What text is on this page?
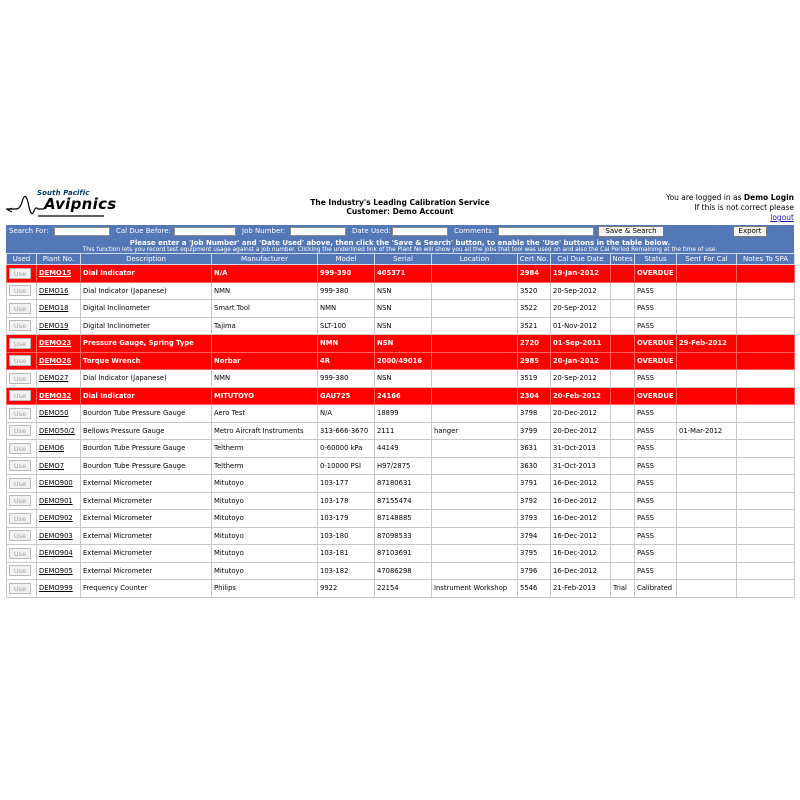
South Pacific
Avipnics	The Industry's Leading Calibration Service
Customer: Demo Account
You are logged in as Demo Login
If this is not correct please
logout
Search For:	Cal Due Before:	Job Number:	Date Used:	Comments:	Save & Search	Export
Please enter a 'Job Number' and 'Date Used' above, then click the 'Save & Search' button, to enable the 'Use' buttons in the table below.
This function lets you record test equipment usage against a job number. Clicking the underlined link of the Plant No will show you all the jobs that tool was used on and also the Cal Period Remaining at the time of use.
Used	Plant No.	Description	Manufacturer	Model	Serial	Location	Cert No.	Cal Due Date	Notes	Status	Sent For Cal	Notes To SPA
Use	DEMO15	Dial Indicator	N/A	999-390	405371		2984	19-Jan-2012		OVERDUE		
Use	DEMO16	Dial Indicator (Japanese)	NMN	999-380	NSN		3520	20-Sep-2012		PASS		
Use	DEMO18	Digital Inclinometer	Smart Tool	NMN	NSN		3522	20-Sep-2012		PASS		
Use	DEMO19	Digital Inclinometer	Tajima	SLT-100	NSN		3521	01-Nov-2012		PASS		
Use	DEMO23	Pressure Gauge, Spring Type		NMN	NSN		2720	01-Sep-2011		OVERDUE	29-Feb-2012	
Use	DEMO26	Torque Wrench	Norbar	4R	2000/49016		2985	20-Jan-2012		OVERDUE		
Use	DEMO27	Dial Indicator (Japanese)	NMN	999-380	NSN		3519	20-Sep-2012		PASS		
Use	DEMO32	Dial Indicator	MITUTOYO	GAU725	24166		2304	20-Feb-2012		OVERDUE		
Use	DEMO50	Bourdon Tube Pressure Gauge	Aero Test	N/A	18899		3798	20-Dec-2012		PASS		
Use	DEMO50/2	Bellows Pressure Gauge	Metro Aircraft Instruments	313-666-3670	2111	hanger	3799	20-Dec-2012		PASS	01-Mar-2012	
Use	DEMO6	Bourdon Tube Pressure Gauge	Teltherm	0-60000 kPa	44149		3631	31-Oct-2013		PASS		
Use	DEMO7	Bourdon Tube Pressure Gauge	Teltherm	0-10000 PSI	H97/2875		3630	31-Oct-2013		PASS		
Use	DEMO900	External Micrometer	Mitutoyo	103-177	87180631		3791	16-Dec-2012		PASS		
Use	DEMO901	External Micrometer	Mitutoyo	103-178	87155474		3792	16-Dec-2012		PASS		
Use	DEMO902	External Micrometer	Mitutoyo	103-179	87148885		3793	16-Dec-2012		PASS		
Use	DEMO903	External Micrometer	Mitutoyo	103-180	87098533		3794	16-Dec-2012		PASS		
Use	DEMO904	External Micrometer	Mitutoyo	103-181	87103691		3795	16-Dec-2012		PASS		
Use	DEMO905	External Micrometer	Mitutoyo	103-182	47086298		3796	16-Dec-2012		PASS		
Use	DEMO999	Frequency Counter	Philips	9922	22154	Instrument Workshop	5546	21-Feb-2013	Trial	Calibrated		
